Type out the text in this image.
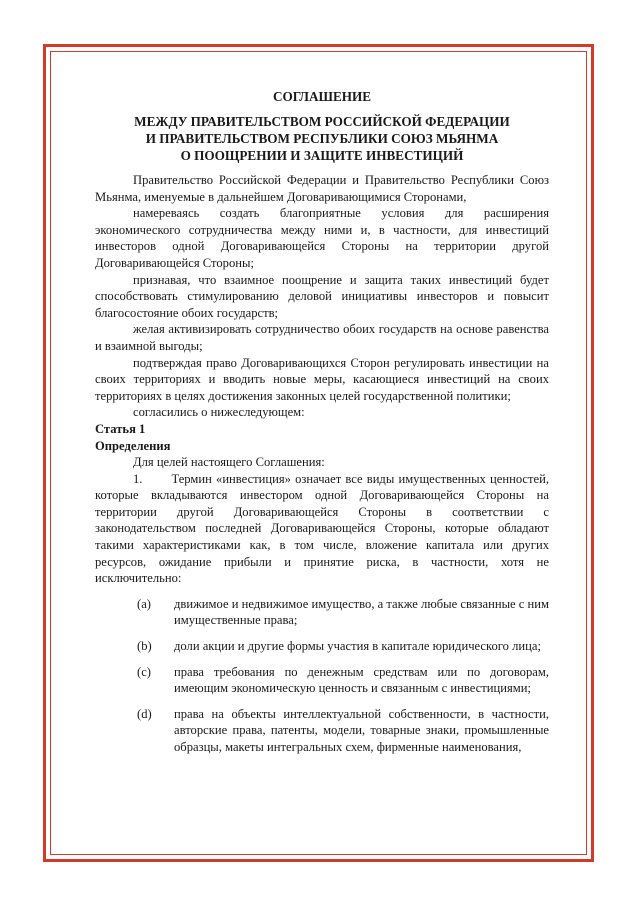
СОГЛАШЕНИЕ

МЕЖДУ ПРАВИТЕЛЬСТВОМ РОССИЙСКОЙ ФЕДЕРАЦИИ

И ПРАВИТЕЛЬСТВОМ РЕСПУБЛИКИ СОЮЗ МЬЯНМА

О ПООЩРЕНИИ И ЗАЩИТЕ ИНВЕСТИЦИЙ

Правительство Российской Федерации и Правительство Республики Союз Мьянма, именуемые в дальнейшем Договаривающимися Сторонами,

намереваясь создать благоприятные условия для расширения экономического сотрудничества между ними и, в частности, для инвестиций инвесторов одной Договаривающейся Стороны на территории другой Договаривающейся Стороны;

признавая, что взаимное поощрение и защита таких инвестиций будет способствовать стимулированию деловой инициативы инвесторов и повысит благосостояние обоих государств;

желая активизировать сотрудничество обоих государств на основе равенства и взаимной выгоды;

подтверждая право Договаривающихся Сторон регулировать инвестиции на своих территориях и вводить новые меры, касающиеся инвестиций на своих территориях в целях достижения законных целей государственной политики;

согласились о нижеследующем:

Статья 1

Определения

Для целей настоящего Соглашения:

1.       Термин «инвестиция» означает все виды имущественных ценностей, которые вкладываются инвестором одной Договаривающейся Стороны на территории другой Договаривающейся Стороны в соответствии с законодательством последней Договаривающейся Стороны, которые обладают такими характеристиками как, в том числе, вложение капитала или других ресурсов, ожидание прибыли и принятие риска, в частности, хотя не исключительно:

(a) движимое и недвижимое имущество, а также любые связанные с ним имущественные права;
(b) доли акции и другие формы участия в капитале юридического лица;
(c) права требования по денежным средствам или по договорам, имеющим экономическую ценность и связанным с инвестициями;
(d) права на объекты интеллектуальной собственности, в частности, авторские права, патенты, модели, товарные знаки, промышленные образцы, макеты интегральных схем, фирменные наименования,
